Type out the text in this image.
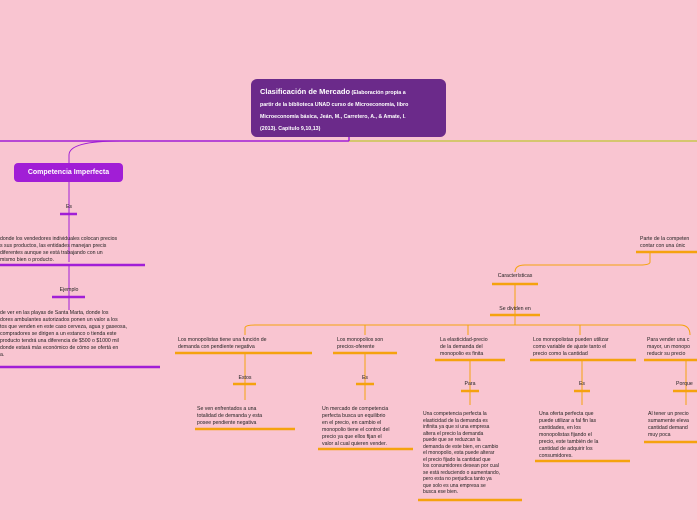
Clasificación de Mercado (Elaboración propia a
partir de la biblioteca UNAD curso de Microeconomía, libro
Microeconomía básica, Jeán, M., Carretero, A., & Amate, I.
(2013). Capitulo 9,10,13)
Competencia Imperfecta
Es
donde los vendedores individuales colocan precios
s sus productos, las entidades manejan precis
diferentes aunque se está trabajando con un
mismo bien o producto.
Ejemplo
de ver en las playas de Santa Marta, donde los
dores ambulantes autorizados ponen un valor a los
tos que venden en este caso cerveza, agua y gaseosa,
compradores se dirigen a un estanco o tienda este
producto tendrá una diferencia de $500 o $1000 mil
donde estará más económico de cómo se ofertá en
a.
Parte de la competen
contar con una únic
Características
Se dividen en
Los monopolistas tiene una función de
demanda con pendiente negativa
Estos
Se ven enfrentados a una
totalidad de demanda y esta
posee pendiente negativa
Los monopolios son
precios-oferente
Es
Un mercado de competencia
perfecta busca un equilibrio
en el precio, en cambio el
monopolio tiene el control del
precio ya que ellos fijan el
valor al cual quieren vender.
La elasticidad-precio
de la demanda del
monopolio es finita
Para
Una competencia perfecta la
elasticidad de la demanda es
infinita ya que si una empresa
altera el precio la demanda
puede que se reduzcan la
demanda de este bien, en cambio
el monopolio, esta puede alterar
el precio fijado la cantidad que
los consumidores desean por cual
se está reduciendo o aumentando,
pero esta no perjudica tanto ya
que solo es una empresa se
busca ese bien.
Los monopolistas pueden utilizar
como variable de ajuste tanto el
precio como la cantidad
Es
Una oferta perfecta que
puede utilizar a fal fin las
cantidades, en los
monopolistas fijando el
precio, este también de la
cantidad de adquirir los
consumidores.
Para vender una c
mayor, un monopo
reducir su precio
Porque
Al tener un precio
sumamente eleva
cantidad demand
muy poca
